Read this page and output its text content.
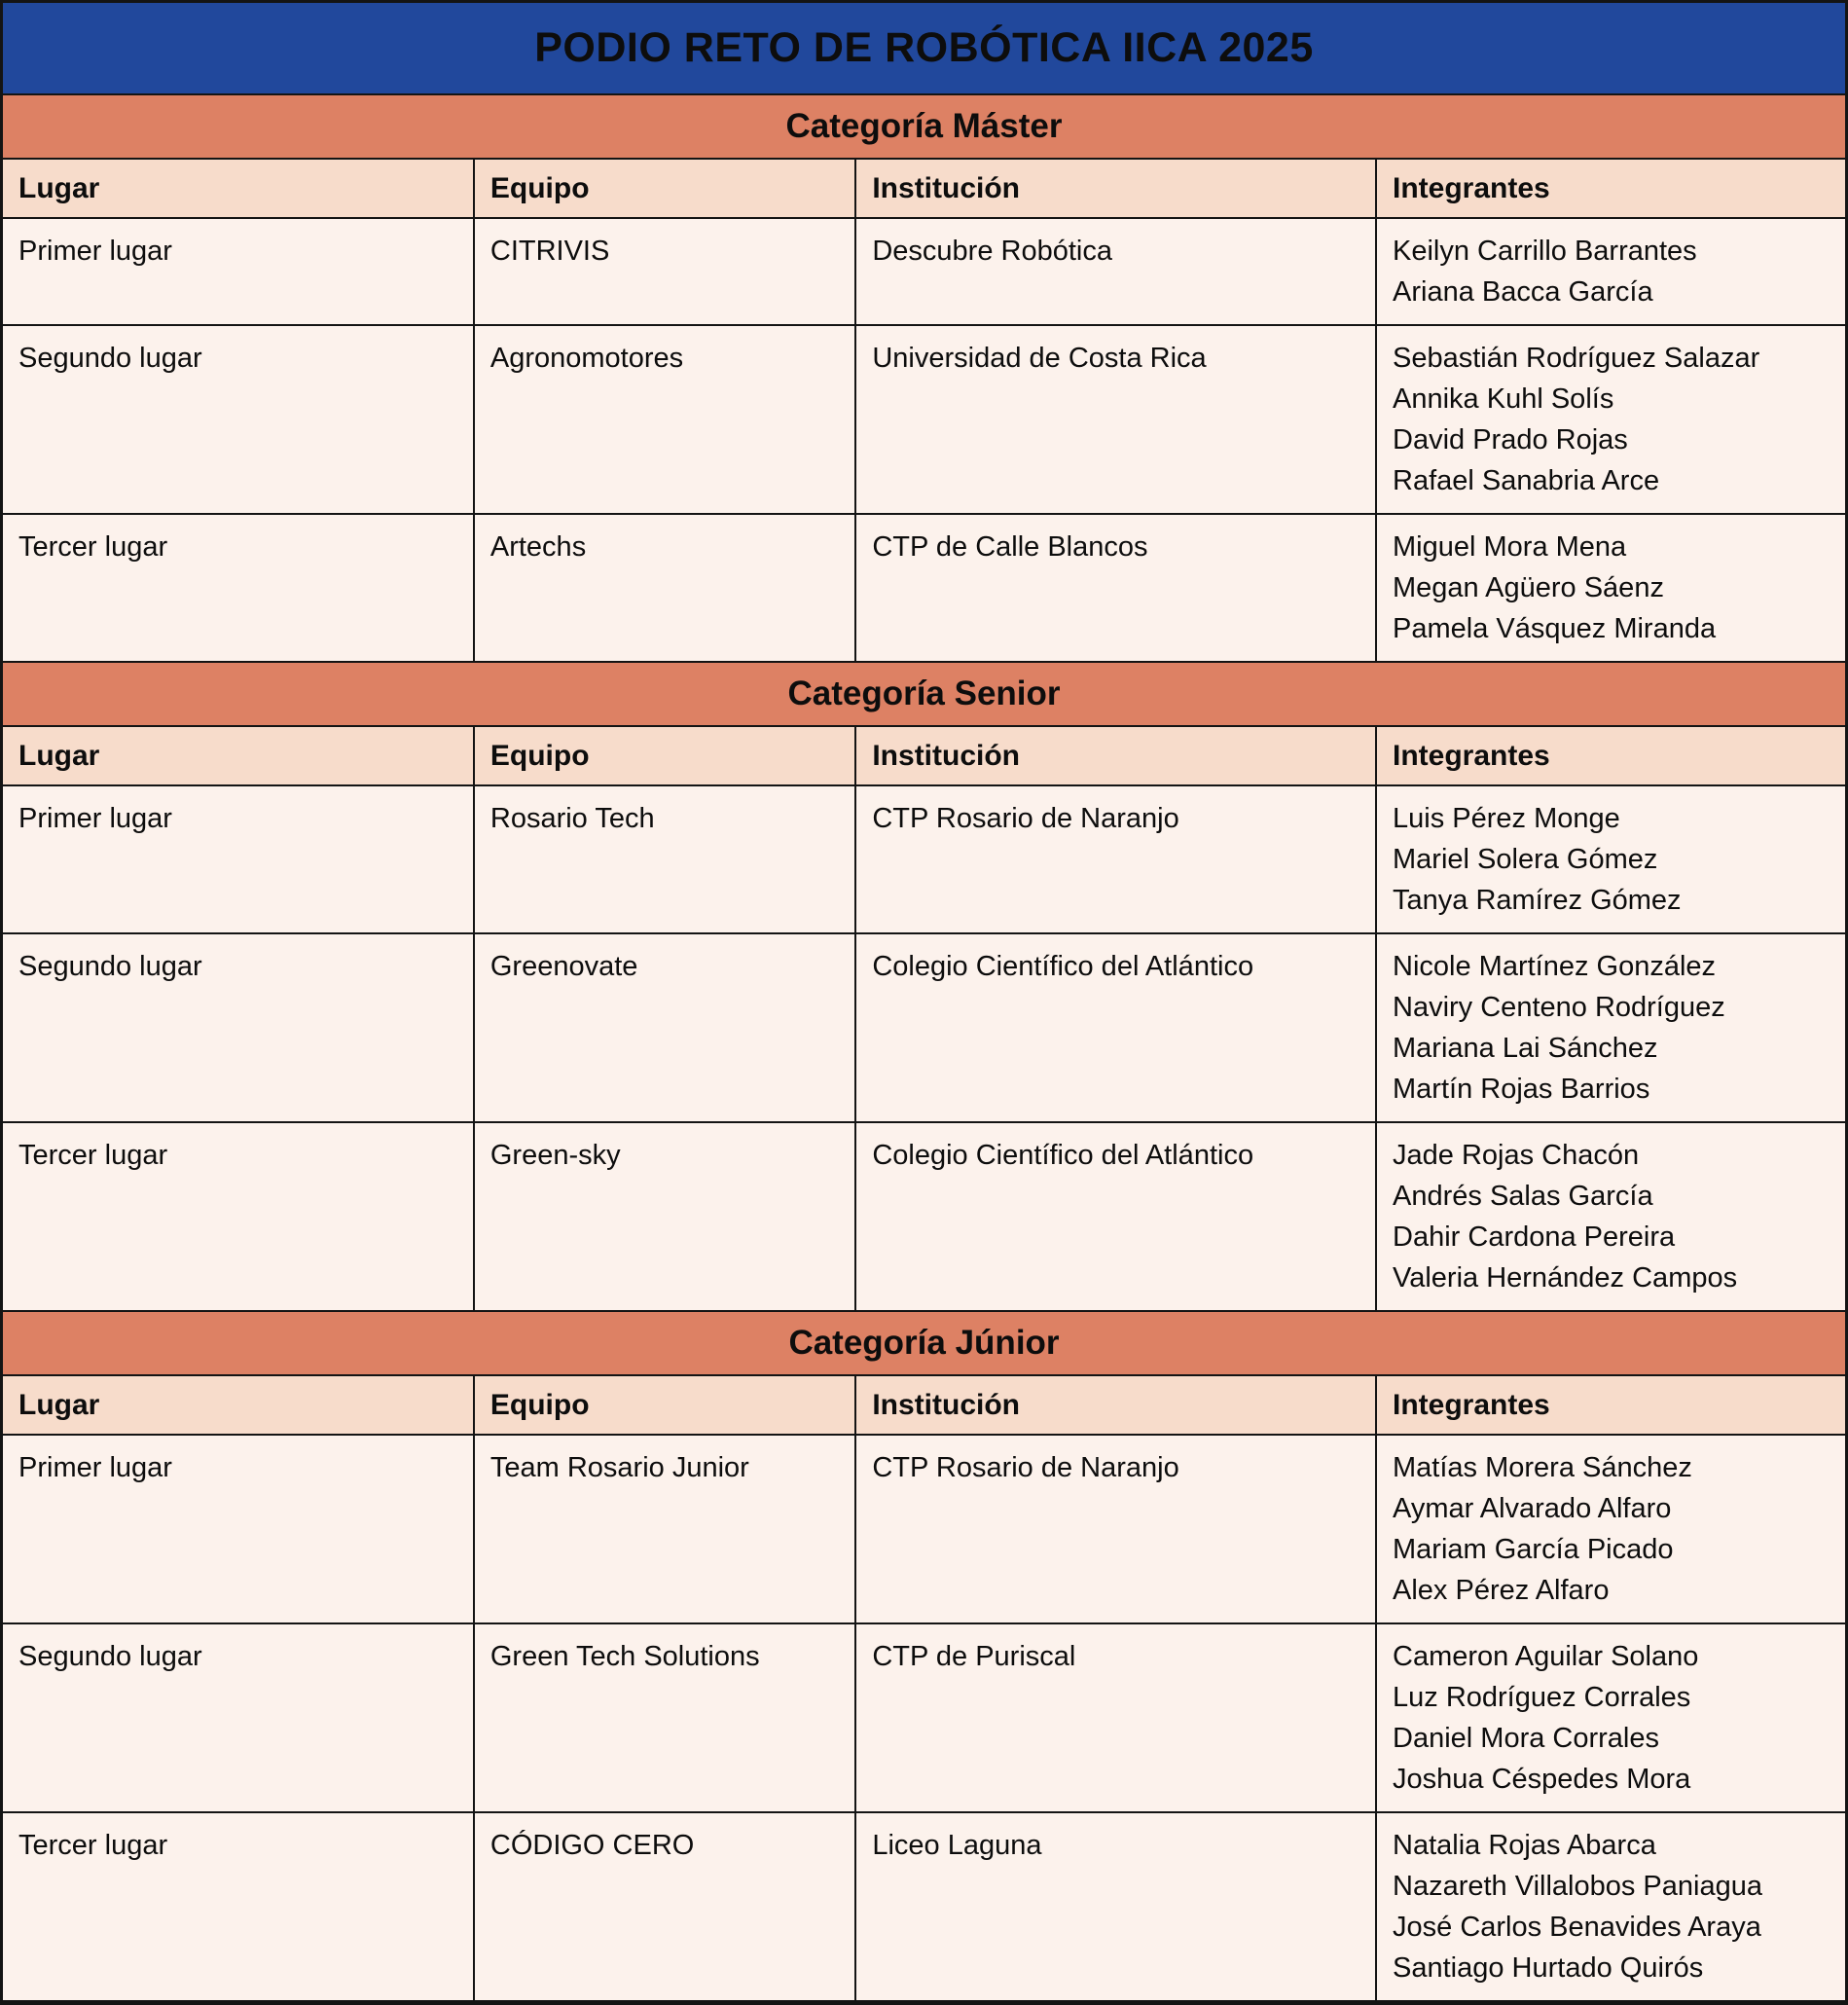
PODIO RETO DE ROBÓTICA IICA 2025			
Categoría Máster			
Lugar	Equipo	Institución	Integrantes
Primer lugar	CITRIVIS	Descubre Robótica	Keilyn Carrillo Barrantes
Ariana Bacca García

Segundo lugar	Agronomotores	Universidad de Costa Rica	Sebastián Rodríguez Salazar
Annika Kuhl Solís
David Prado Rojas
Rafael Sanabria Arce

Tercer lugar	Artechs	CTP de Calle Blancos	Miguel Mora Mena
Megan Agüero Sáenz
Pamela Vásquez Miranda

Categoría Senior			
Lugar	Equipo	Institución	Integrantes
Primer lugar	Rosario Tech	CTP Rosario de Naranjo	Luis Pérez Monge
Mariel Solera Gómez
Tanya Ramírez Gómez

Segundo lugar	Greenovate	Colegio Científico del Atlántico	Nicole Martínez González
Naviry Centeno Rodríguez
Mariana Lai Sánchez
Martín Rojas Barrios

Tercer lugar	Green-sky	Colegio Científico del Atlántico	Jade Rojas Chacón
Andrés Salas García
Dahir Cardona Pereira
Valeria Hernández Campos

Categoría Júnior			
Lugar	Equipo	Institución	Integrantes
Primer lugar	Team Rosario Junior	CTP Rosario de Naranjo	Matías Morera Sánchez
Aymar Alvarado Alfaro
Mariam García Picado
Alex Pérez Alfaro

Segundo lugar	Green Tech Solutions	CTP de Puriscal	Cameron Aguilar Solano
Luz Rodríguez Corrales
Daniel Mora Corrales
Joshua Céspedes Mora

Tercer lugar	CÓDIGO CERO	Liceo Laguna	Natalia Rojas Abarca
Nazareth Villalobos Paniagua
José Carlos Benavides Araya
Santiago Hurtado Quirós
